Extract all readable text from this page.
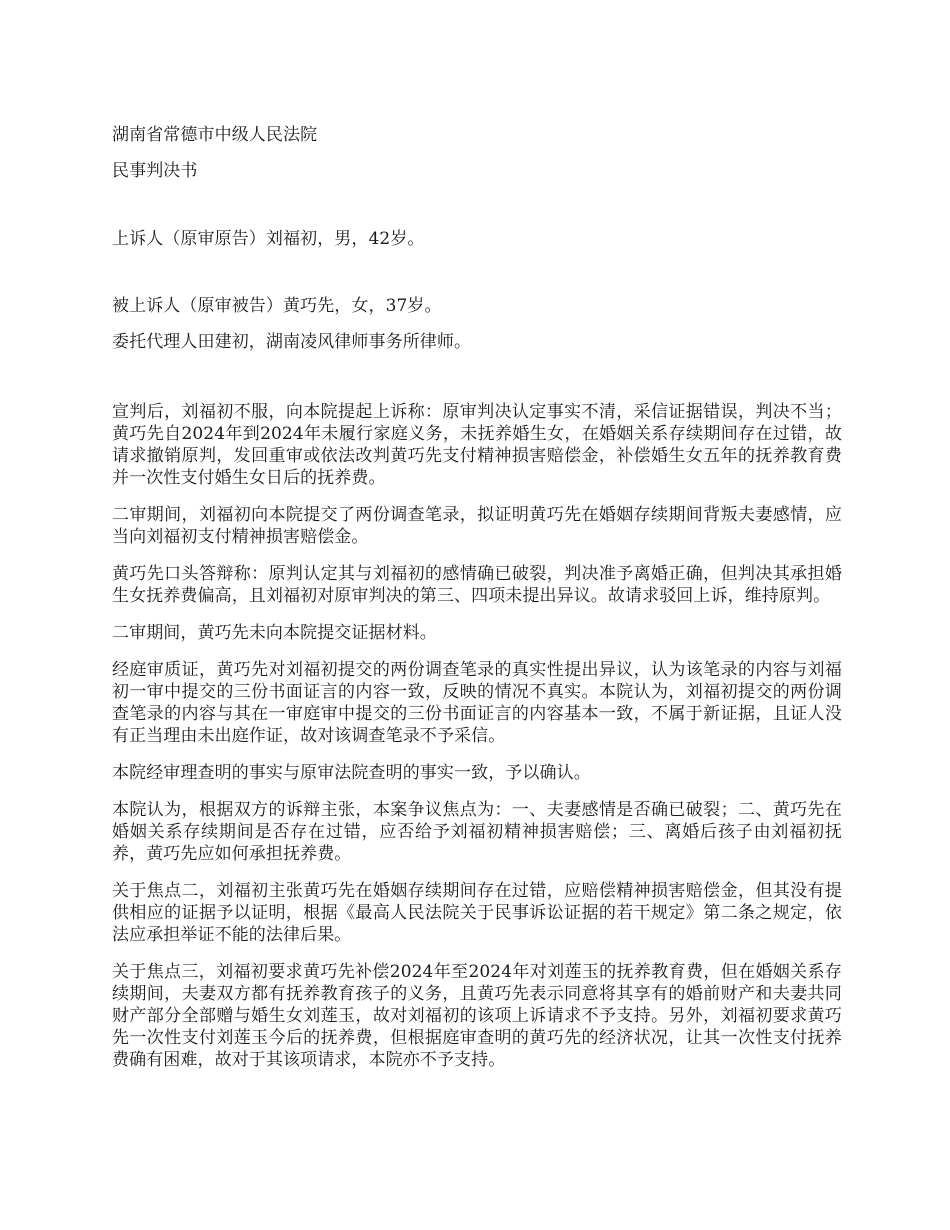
湖南省常德市中级人民法院

民事判决书

上诉人（原审原告）刘福初，男，42岁。

被上诉人（原审被告）黄巧先，女，37岁。

委托代理人田建初，湖南凌风律师事务所律师。

宣判后，刘福初不服，向本院提起上诉称：原审判决认定事实不清，采信证据错误，判决不当；黄巧先自2024年到2024年未履行家庭义务，未抚养婚生女，在婚姻关系存续期间存在过错，故请求撤销原判，发回重审或依法改判黄巧先支付精神损害赔偿金，补偿婚生女五年的抚养教育费并一次性支付婚生女日后的抚养费。

二审期间，刘福初向本院提交了两份调查笔录，拟证明黄巧先在婚姻存续期间背叛夫妻感情，应当向刘福初支付精神损害赔偿金。

黄巧先口头答辩称：原判认定其与刘福初的感情确已破裂，判决准予离婚正确，但判决其承担婚生女抚养费偏高，且刘福初对原审判决的第三、四项未提出异议。故请求驳回上诉，维持原判。

二审期间，黄巧先未向本院提交证据材料。

经庭审质证，黄巧先对刘福初提交的两份调查笔录的真实性提出异议，认为该笔录的内容与刘福初一审中提交的三份书面证言的内容一致，反映的情况不真实。本院认为，刘福初提交的两份调查笔录的内容与其在一审庭审中提交的三份书面证言的内容基本一致，不属于新证据，且证人没有正当理由未出庭作证，故对该调查笔录不予采信。

本院经审理查明的事实与原审法院查明的事实一致，予以确认。

本院认为，根据双方的诉辩主张，本案争议焦点为：一、夫妻感情是否确已破裂；二、黄巧先在婚姻关系存续期间是否存在过错，应否给予刘福初精神损害赔偿；三、离婚后孩子由刘福初抚养，黄巧先应如何承担抚养费。

关于焦点二，刘福初主张黄巧先在婚姻存续期间存在过错，应赔偿精神损害赔偿金，但其没有提供相应的证据予以证明，根据《最高人民法院关于民事诉讼证据的若干规定》第二条之规定，依法应承担举证不能的法律后果。

关于焦点三，刘福初要求黄巧先补偿2024年至2024年对刘莲玉的抚养教育费，但在婚姻关系存续期间，夫妻双方都有抚养教育孩子的义务，且黄巧先表示同意将其享有的婚前财产和夫妻共同财产部分全部赠与婚生女刘莲玉，故对刘福初的该项上诉请求不予支持。另外，刘福初要求黄巧先一次性支付刘莲玉今后的抚养费，但根据庭审查明的黄巧先的经济状况，让其一次性支付抚养费确有困难，故对于其该项请求，本院亦不予支持。
